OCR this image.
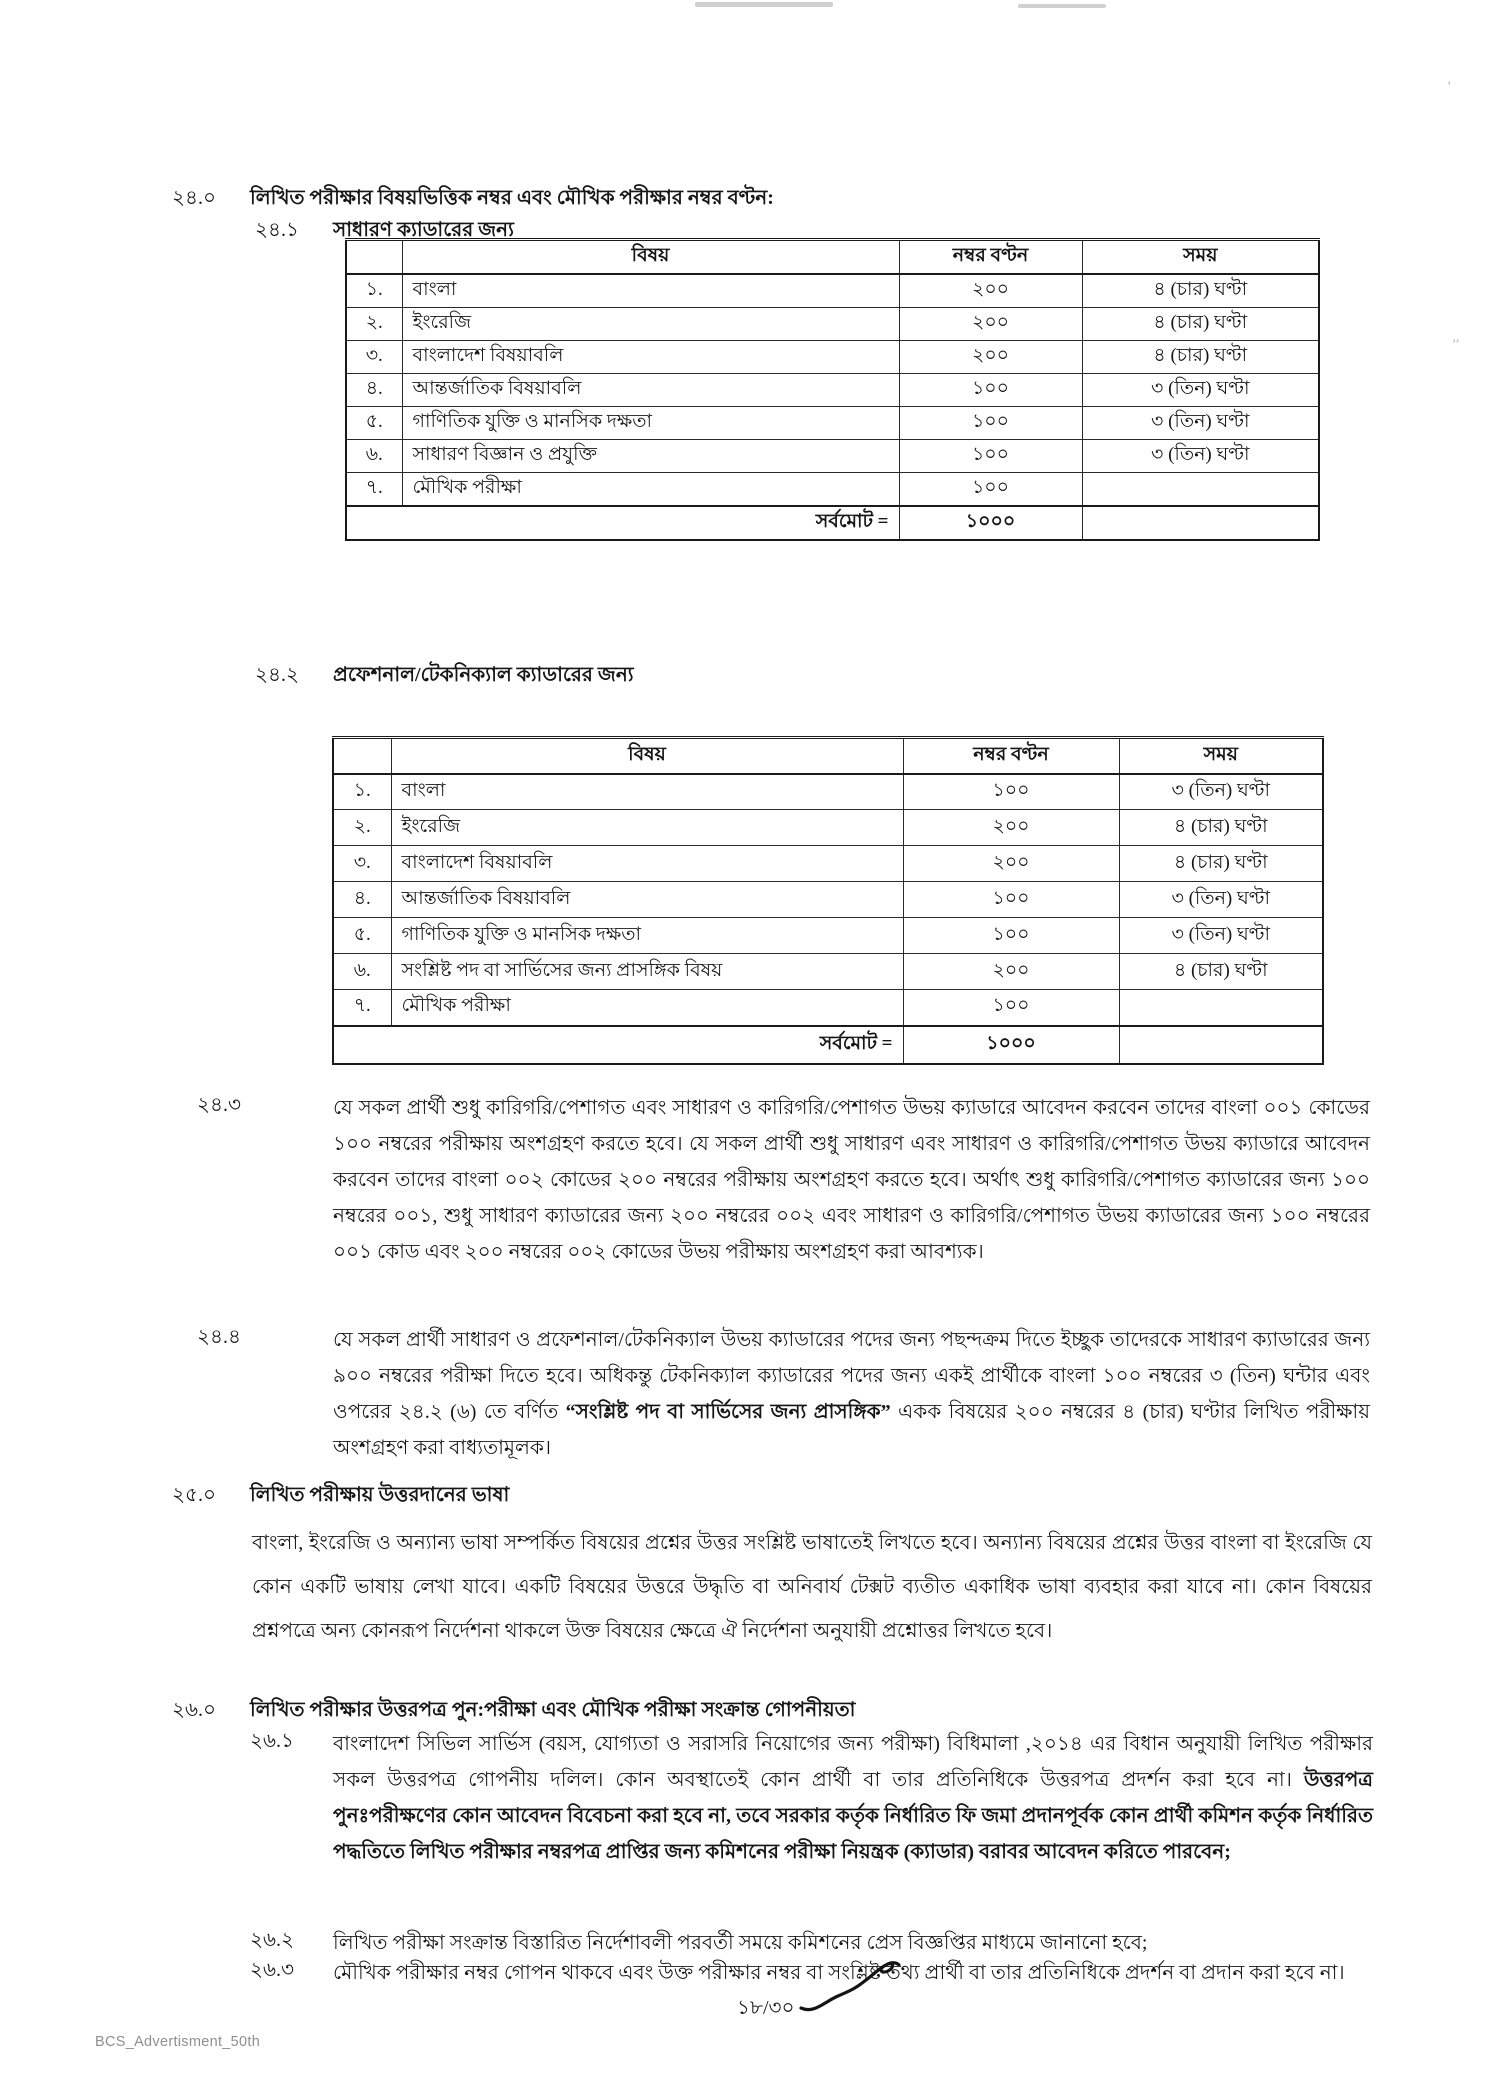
’
’’
২৪.০ লিখিত পরীক্ষার বিষয়ভিত্তিক নম্বর এবং মৌখিক পরীক্ষার নম্বর বণ্টন:
২৪.১ সাধারণ ক্যাডারের জন্য
	বিষয়	নম্বর বণ্টন	সময়
১.	বাংলা	২০০	৪ (চার) ঘণ্টা
২.	ইংরেজি	২০০	৪ (চার) ঘণ্টা
৩.	বাংলাদেশ বিষয়াবলি	২০০	৪ (চার) ঘণ্টা
৪.	আন্তর্জাতিক বিষয়াবলি	১০০	৩ (তিন) ঘণ্টা
৫.	গাণিতিক যুক্তি ও মানসিক দক্ষতা	১০০	৩ (তিন) ঘণ্টা
৬.	সাধারণ বিজ্ঞান ও প্রযুক্তি	১০০	৩ (তিন) ঘণ্টা
৭.	মৌখিক পরীক্ষা	১০০	
সর্বমোট =		১০০০	
২৪.২ প্রফেশনাল/টেকনিক্যাল ক্যাডারের জন্য
	বিষয়	নম্বর বণ্টন	সময়
১.	বাংলা	১০০	৩ (তিন) ঘণ্টা
২.	ইংরেজি	২০০	৪ (চার) ঘণ্টা
৩.	বাংলাদেশ বিষয়াবলি	২০০	৪ (চার) ঘণ্টা
৪.	আন্তর্জাতিক বিষয়াবলি	১০০	৩ (তিন) ঘণ্টা
৫.	গাণিতিক যুক্তি ও মানসিক দক্ষতা	১০০	৩ (তিন) ঘণ্টা
৬.	সংশ্লিষ্ট পদ বা সার্ভিসের জন্য প্রাসঙ্গিক বিষয়	২০০	৪ (চার) ঘণ্টা
৭.	মৌখিক পরীক্ষা	১০০	
সর্বমোট =		১০০০	
২৪.৩	যে সকল প্রার্থী শুধু কারিগরি/পেশাগত এবং সাধারণ ও কারিগরি/পেশাগত উভয় ক্যাডারে আবেদন করবেন তাদের বাংলা ০০১ কোডের ১০০ নম্বরের পরীক্ষায় অংশগ্রহণ করতে হবে। যে সকল প্রার্থী শুধু সাধারণ এবং সাধারণ ও কারিগরি/পেশাগত উভয় ক্যাডারে আবেদন করবেন তাদের বাংলা ০০২ কোডের ২০০ নম্বরের পরীক্ষায় অংশগ্রহণ করতে হবে। অর্থাৎ শুধু কারিগরি/পেশাগত ক্যাডারের জন্য ১০০ নম্বরের ০০১, শুধু সাধারণ ক্যাডারের জন্য ২০০ নম্বরের ০০২ এবং সাধারণ ও কারিগরি/পেশাগত উভয় ক্যাডারের জন্য ১০০ নম্বরের ০০১ কোড এবং ২০০ নম্বরের ০০২ কোডের উভয় পরীক্ষায় অংশগ্রহণ করা আবশ্যক।
২৪.৪	যে সকল প্রার্থী সাধারণ ও প্রফেশনাল/টেকনিক্যাল উভয় ক্যাডারের পদের জন্য পছন্দক্রম দিতে ইচ্ছুক তাদেরকে সাধারণ ক্যাডারের জন্য ৯০০ নম্বরের পরীক্ষা দিতে হবে। অধিকন্তু টেকনিক্যাল ক্যাডারের পদের জন্য একই প্রার্থীকে বাংলা ১০০ নম্বরের ৩ (তিন) ঘন্টার এবং ওপরের ২৪.২ (৬) তে বর্ণিত “সংশ্লিষ্ট পদ বা সার্ভিসের জন্য প্রাসঙ্গিক” একক বিষয়ের ২০০ নম্বরের ৪ (চার) ঘণ্টার লিখিত পরীক্ষায় অংশগ্রহণ করা বাধ্যতামূলক।
২৫.০ লিখিত পরীক্ষায় উত্তরদানের ভাষা
বাংলা, ইংরেজি ও অন্যান্য ভাষা সম্পর্কিত বিষয়ের প্রশ্নের উত্তর সংশ্লিষ্ট ভাষাতেই লিখতে হবে। অন্যান্য বিষয়ের প্রশ্নের উত্তর বাংলা বা ইংরেজি যে কোন একটি ভাষায় লেখা যাবে। একটি বিষয়ের উত্তরে উদ্ধৃতি বা অনিবার্য টেক্সট ব্যতীত একাধিক ভাষা ব্যবহার করা যাবে না। কোন বিষয়ের প্রশ্নপত্রে অন্য কোনরূপ নির্দেশনা থাকলে উক্ত বিষয়ের ক্ষেত্রে ঐ নির্দেশনা অনুযায়ী প্রশ্নোত্তর লিখতে হবে।
২৬.০ লিখিত পরীক্ষার উত্তরপত্র পুন:পরীক্ষা এবং মৌখিক পরীক্ষা সংক্রান্ত গোপনীয়তা
২৬.১ বাংলাদেশ সিভিল সার্ভিস (বয়স, যোগ্যতা ও সরাসরি নিয়োগের জন্য পরীক্ষা) বিধিমালা ,২০১৪ এর বিধান অনুযায়ী লিখিত পরীক্ষার সকল উত্তরপত্র গোপনীয় দলিল। কোন অবস্থাতেই কোন প্রার্থী বা তার প্রতিনিধিকে উত্তরপত্র প্রদর্শন করা হবে না। উত্তরপত্র পুনঃপরীক্ষণের কোন আবেদন বিবেচনা করা হবে না, তবে সরকার কর্তৃক নির্ধারিত ফি জমা প্রদানপূর্বক কোন প্রার্থী কমিশন কর্তৃক নির্ধারিত পদ্ধতিতে লিখিত পরীক্ষার নম্বরপত্র প্রাপ্তির জন্য কমিশনের পরীক্ষা নিয়ন্ত্রক (ক্যাডার) বরাবর আবেদন করিতে পারবেন;
২৬.২ লিখিত পরীক্ষা সংক্রান্ত বিস্তারিত নির্দেশাবলী পরবর্তী সময়ে কমিশনের প্রেস বিজ্ঞপ্তির মাধ্যমে জানানো হবে;
২৬.৩ মৌখিক পরীক্ষার নম্বর গোপন থাকবে এবং উক্ত পরীক্ষার নম্বর বা সংশ্লিষ্ট তথ্য প্রার্থী বা তার প্রতিনিধিকে প্রদর্শন বা প্রদান করা হবে না।
১৮/৩০
BCS_Advertisment_50th
